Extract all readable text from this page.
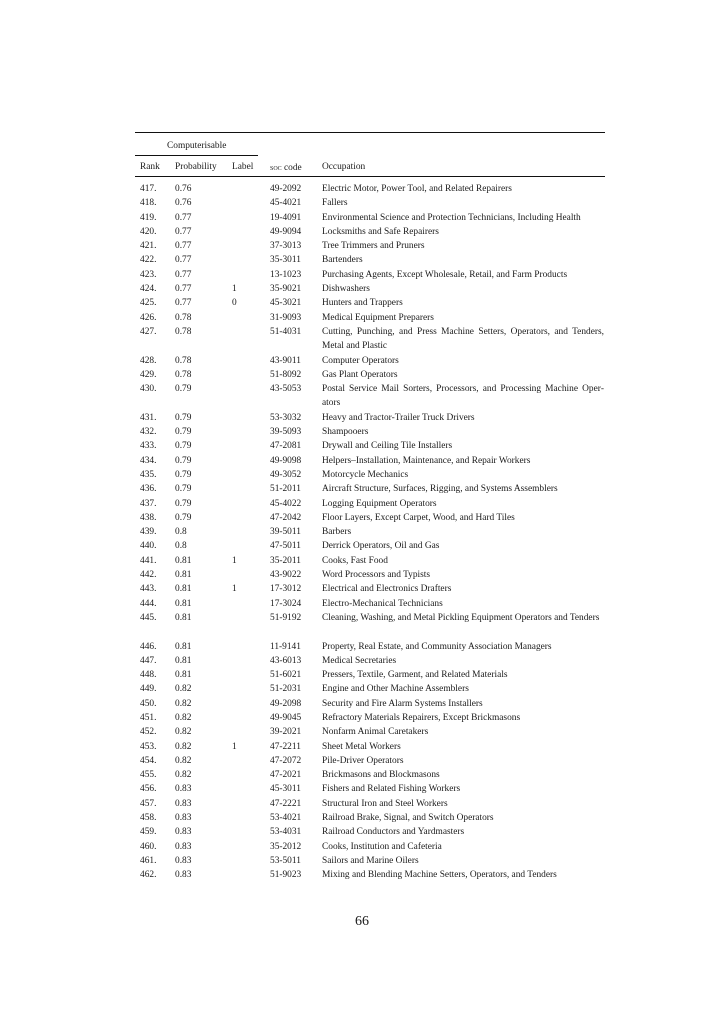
Computerisable
Rank Probability Label soc code Occupation
417. 0.76	49-2092 Electric Motor, Power Tool, and Related Repairers
418. 0.76	45-4021 Fallers
419. 0.77	19-4091 Environmental Science and Protection Technicians, Including Health
420. 0.77	49-9094 Locksmiths and Safe Repairers
421. 0.77	37-3013 Tree Trimmers and Pruners
422. 0.77	35-3011 Bartenders
423. 0.77	13-1023 Purchasing Agents, Except Wholesale, Retail, and Farm Products
424. 0.77	1	35-9021 Dishwashers
425. 0.77	0	45-3021 Hunters and Trappers
426. 0.78	31-9093 Medical Equipment Preparers
427. 0.78	51-4031 Cutting, Punching, and Press Machine Setters, Operators, and Tenders, Metal and Plastic
428. 0.78	43-9011 Computer Operators
429. 0.78	51-8092 Gas Plant Operators
430. 0.79	43-5053 Postal Service Mail Sorters, Processors, and Processing Machine Operators
431. 0.79	53-3032 Heavy and Tractor-Trailer Truck Drivers
432. 0.79	39-5093 Shampooers
433. 0.79	47-2081 Drywall and Ceiling Tile Installers
434. 0.79	49-9098 Helpers–Installation, Maintenance, and Repair Workers
435. 0.79	49-3052 Motorcycle Mechanics
436. 0.79	51-2011 Aircraft Structure, Surfaces, Rigging, and Systems Assemblers
437. 0.79	45-4022 Logging Equipment Operators
438. 0.79	47-2042 Floor Layers, Except Carpet, Wood, and Hard Tiles
439. 0.8	39-5011 Barbers
440. 0.8	47-5011 Derrick Operators, Oil and Gas
441. 0.81	1	35-2011 Cooks, Fast Food
442. 0.81	43-9022 Word Processors and Typists
443. 0.81	1	17-3012 Electrical and Electronics Drafters
444. 0.81	17-3024 Electro-Mechanical Technicians
445. 0.81	51-9192 Cleaning, Washing, and Metal Pickling Equipment Operators and Tenders
446. 0.81	11-9141 Property, Real Estate, and Community Association Managers
447. 0.81	43-6013 Medical Secretaries
448. 0.81	51-6021 Pressers, Textile, Garment, and Related Materials
449. 0.82	51-2031 Engine and Other Machine Assemblers
450. 0.82	49-2098 Security and Fire Alarm Systems Installers
451. 0.82	49-9045 Refractory Materials Repairers, Except Brickmasons
452. 0.82	39-2021 Nonfarm Animal Caretakers
453. 0.82	1	47-2211 Sheet Metal Workers
454. 0.82	47-2072 Pile-Driver Operators
455. 0.82	47-2021 Brickmasons and Blockmasons
456. 0.83	45-3011 Fishers and Related Fishing Workers
457. 0.83	47-2221 Structural Iron and Steel Workers
458. 0.83	53-4021 Railroad Brake, Signal, and Switch Operators
459. 0.83	53-4031 Railroad Conductors and Yardmasters
460. 0.83	35-2012 Cooks, Institution and Cafeteria
461. 0.83	53-5011 Sailors and Marine Oilers
462. 0.83	51-9023 Mixing and Blending Machine Setters, Operators, and Tenders
66
